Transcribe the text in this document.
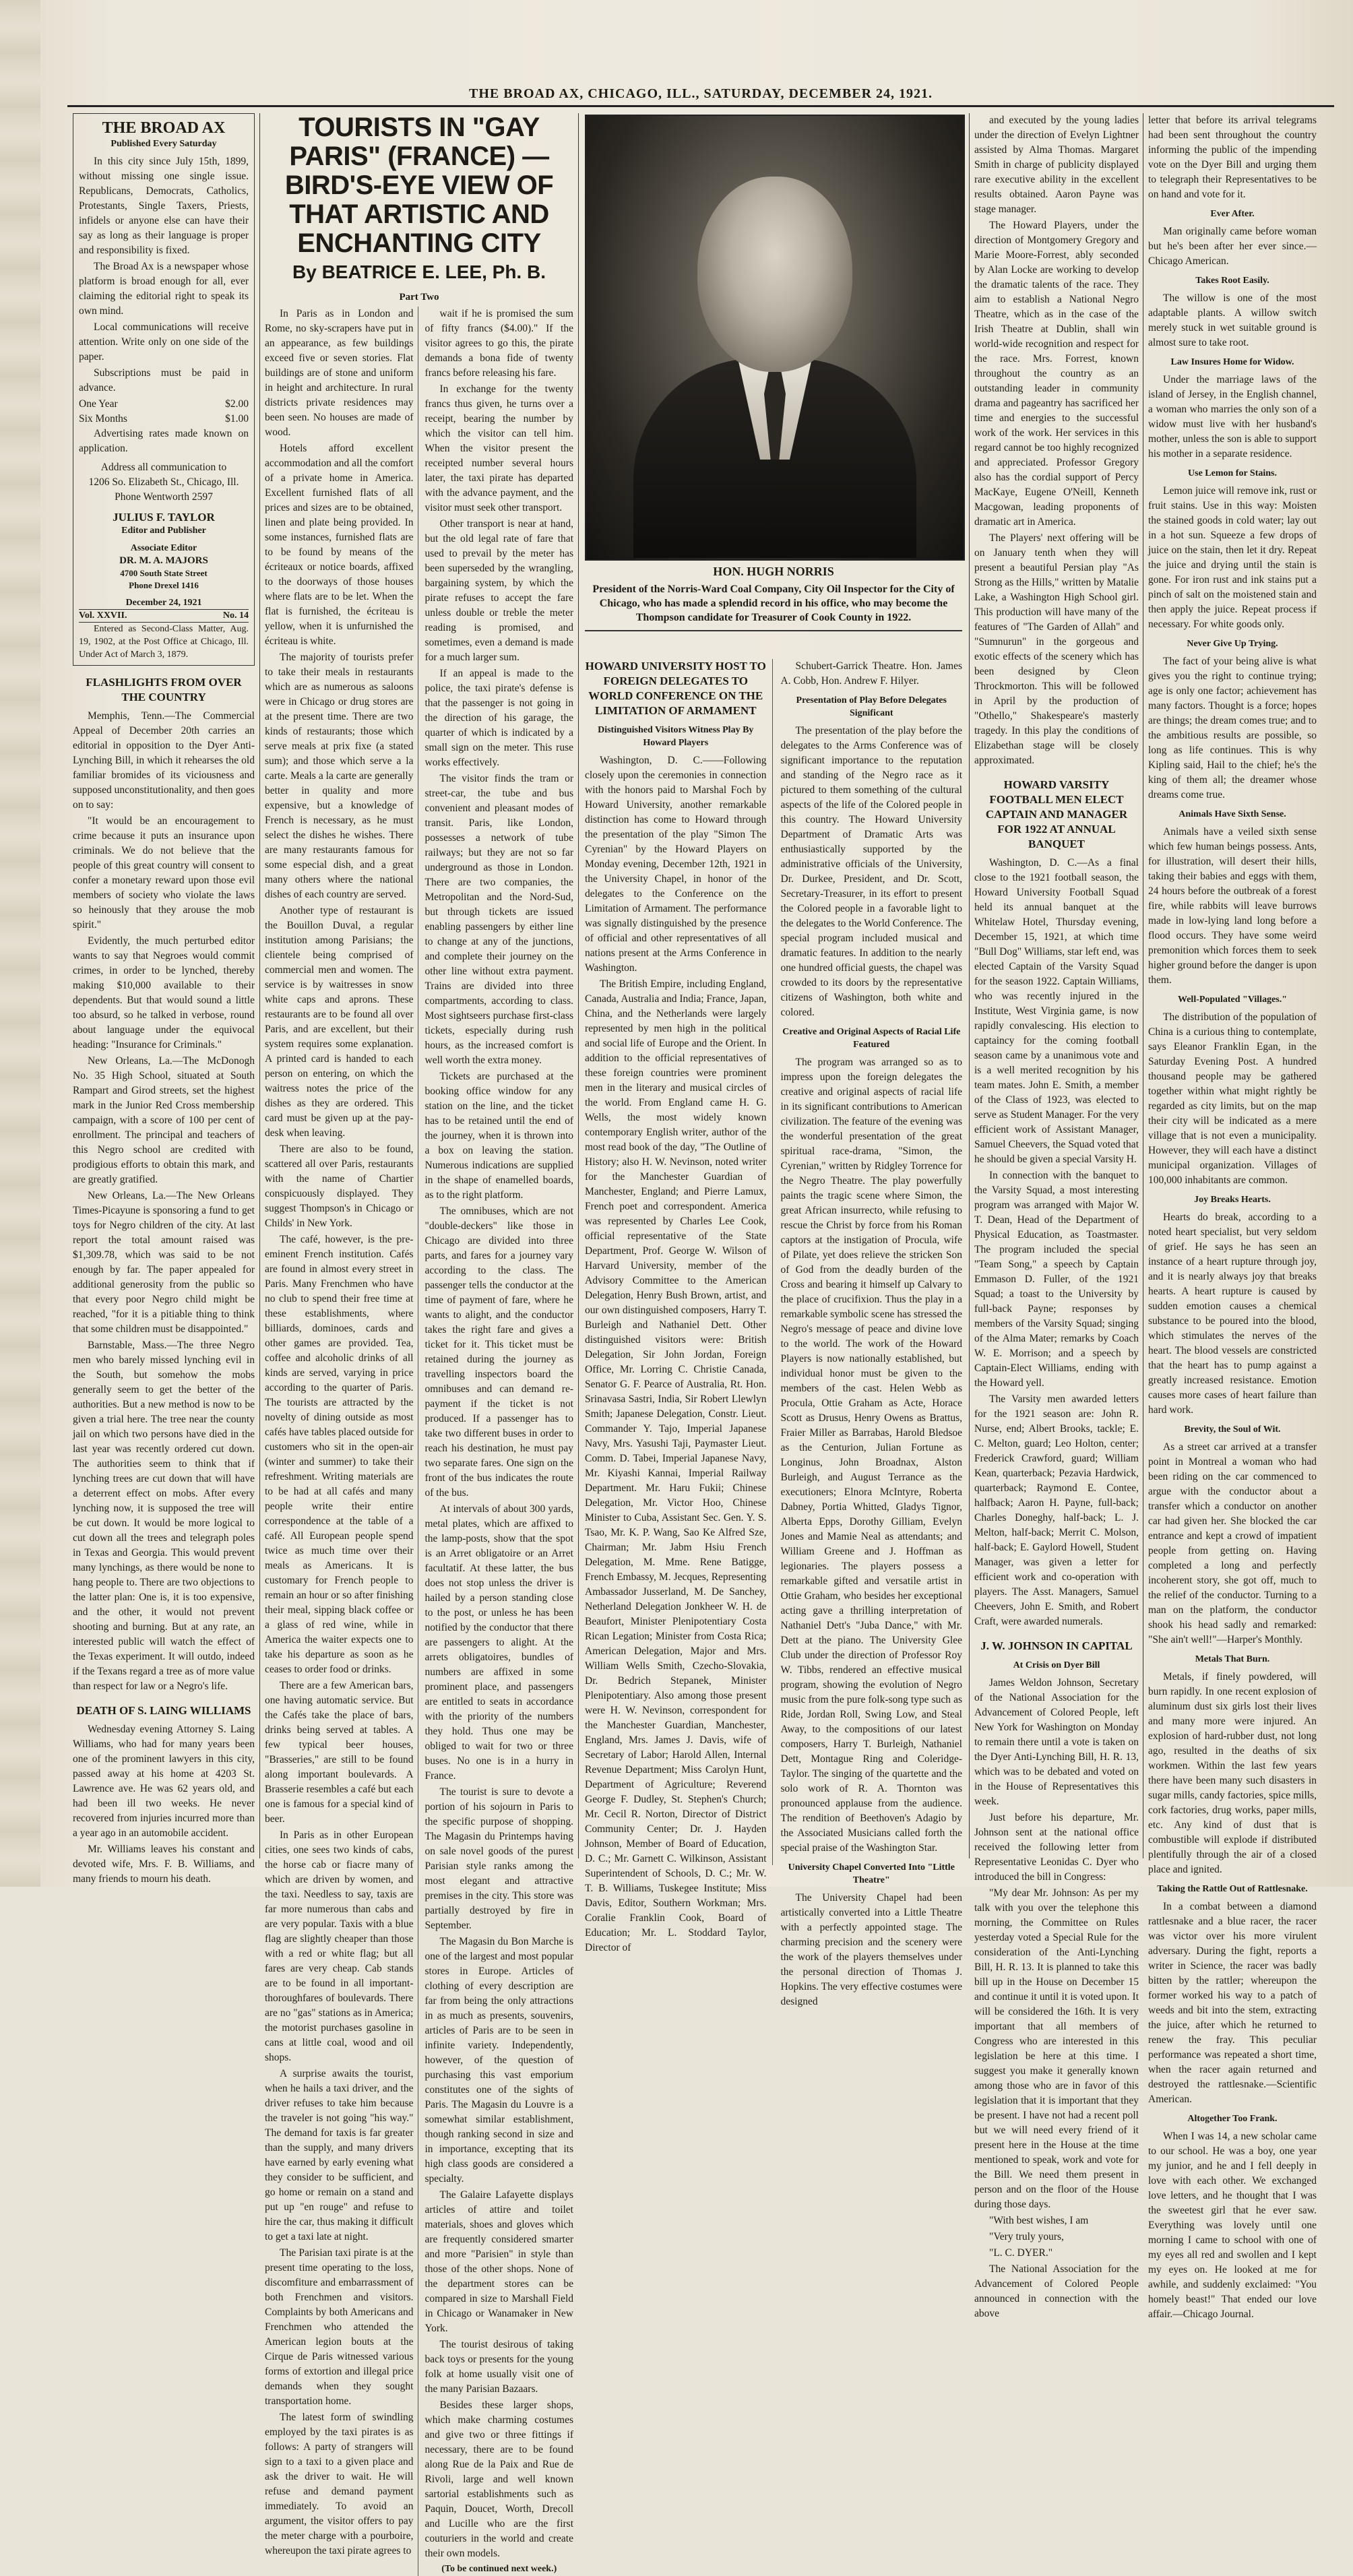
THE BROAD AX, CHICAGO, ILL., SATURDAY, DECEMBER 24, 1921.
THE BROAD AX
Published Every Saturday

In this city since July 15th, 1899, without missing one single issue. Republicans, Democrats, Catholics, Protestants, Single Taxers, Priests, infidels or anyone else can have their say as long as their language is proper and responsibility is fixed.

The Broad Ax is a newspaper whose platform is broad enough for all, ever claiming the editorial right to speak its own mind.

Local communications will receive attention. Write only on one side of the paper.

Subscriptions must be paid in advance.

One Year	$2.00
Six Months	$1.00

Advertising rates made known on application.

Address all communication to
1206 So. Elizabeth St., Chicago, Ill.
Phone Wentworth 2597
JULIUS F. TAYLOR
Editor and Publisher
Associate Editor
DR. M. A. MAJORS
4700 South State Street
Phone Drexel 1416
December 24, 1921
Vol. XXVII.	No. 14

Entered as Second-Class Matter, Aug. 19, 1902, at the Post Office at Chicago, Ill. Under Act of March 3, 1879.

FLASHLIGHTS FROM OVER THE COUNTRY

Memphis, Tenn.—The Commercial Appeal of December 20th carries an editorial in opposition to the Dyer Anti-Lynching Bill, in which it rehearses the old familiar bromides of its viciousness and supposed unconstitutionality, and then goes on to say:

"It would be an encouragement to crime because it puts an insurance upon criminals. We do not believe that the people of this great country will consent to confer a monetary reward upon those evil members of society who violate the laws so heinously that they arouse the mob spirit."

Evidently, the much perturbed editor wants to say that Negroes would commit crimes, in order to be lynched, thereby making $10,000 available to their dependents. But that would sound a little too absurd, so he talked in verbose, round about language under the equivocal heading: "Insurance for Criminals."

New Orleans, La.—The McDonogh No. 35 High School, situated at South Rampart and Girod streets, set the highest mark in the Junior Red Cross membership campaign, with a score of 100 per cent of enrollment. The principal and teachers of this Negro school are credited with prodigious efforts to obtain this mark, and are greatly gratified.

New Orleans, La.—The New Orleans Times-Picayune is sponsoring a fund to get toys for Negro children of the city. At last report the total amount raised was $1,309.78, which was said to be not enough by far. The paper appealed for additional generosity from the public so that every poor Negro child might be reached, "for it is a pitiable thing to think that some children must be disappointed."

Barnstable, Mass.—The three Negro men who barely missed lynching evil in the South, but somehow the mobs generally seem to get the better of the authorities. But a new method is now to be given a trial here. The tree near the county jail on which two persons have died in the last year was recently ordered cut down. The authorities seem to think that if lynching trees are cut down that will have a deterrent effect on mobs. After every lynching now, it is supposed the tree will be cut down. It would be more logical to cut down all the trees and telegraph poles in Texas and Georgia. This would prevent many lynchings, as there would be none to hang people to. There are two objections to the latter plan: One is, it is too expensive, and the other, it would not prevent shooting and burning. But at any rate, an interested public will watch the effect of the Texas experiment. It will outdo, indeed if the Texans regard a tree as of more value than respect for law or a Negro's life.

DEATH OF S. LAING WILLIAMS

Wednesday evening Attorney S. Laing Williams, who had for many years been one of the prominent lawyers in this city, passed away at his home at 4203 St. Lawrence ave. He was 62 years old, and had been ill two weeks. He never recovered from injuries incurred more than a year ago in an automobile accident.

Mr. Williams leaves his constant and devoted wife, Mrs. F. B. Williams, and many friends to mourn his death.

TOURISTS IN "GAY PARIS" (FRANCE) —BIRD'S-EYE VIEW OF THAT ARTISTIC AND ENCHANTING CITY
By BEATRICE E. LEE, Ph. B.
Part Two

In Paris as in London and Rome, no sky-scrapers have put in an appearance, as few buildings exceed five or seven stories. Flat buildings are of stone and uniform in height and architecture. In rural districts private residences may been seen. No houses are made of wood.

Hotels afford excellent accommodation and all the comfort of a private home in America. Excellent furnished flats of all prices and sizes are to be obtained, linen and plate being provided. In some instances, furnished flats are to be found by means of the écriteaux or notice boards, affixed to the doorways of those houses where flats are to be let. When the flat is furnished, the écriteau is yellow, when it is unfurnished the écriteau is white.

The majority of tourists prefer to take their meals in restaurants which are as numerous as saloons were in Chicago or drug stores are at the present time. There are two kinds of restaurants; those which serve meals at prix fixe (a stated sum); and those which serve a la carte. Meals a la carte are generally better in quality and more expensive, but a knowledge of French is necessary, as he must select the dishes he wishes. There are many restaurants famous for some especial dish, and a great many others where the national dishes of each country are served.

Another type of restaurant is the Bouillon Duval, a regular institution among Parisians; the clientele being comprised of commercial men and women. The service is by waitresses in snow white caps and aprons. These restaurants are to be found all over Paris, and are excellent, but their system requires some explanation. A printed card is handed to each person on entering, on which the waitress notes the price of the dishes as they are ordered. This card must be given up at the pay-desk when leaving.

There are also to be found, scattered all over Paris, restaurants with the name of Chartier conspicuously displayed. They suggest Thompson's in Chicago or Childs' in New York.

The café, however, is the pre-eminent French institution. Cafés are found in almost every street in Paris. Many Frenchmen who have no club to spend their free time at these establishments, where billiards, dominoes, cards and other games are provided. Tea, coffee and alcoholic drinks of all kinds are served, varying in price according to the quarter of Paris. The tourists are attracted by the novelty of dining outside as most cafés have tables placed outside for customers who sit in the open-air (winter and summer) to take their refreshment. Writing materials are to be had at all cafés and many people write their entire correspondence at the table of a café. All European people spend twice as much time over their meals as Americans. It is customary for French people to remain an hour or so after finishing their meal, sipping black coffee or a glass of red wine, while in America the waiter expects one to take his departure as soon as he ceases to order food or drinks.

There are a few American bars, one having automatic service. But the Cafés take the place of bars, drinks being served at tables. A few typical beer houses, "Brasseries," are still to be found along important boulevards. A Brasserie resembles a café but each one is famous for a special kind of beer.

In Paris as in other European cities, one sees two kinds of cabs, the horse cab or fiacre many of which are driven by women, and the taxi. Needless to say, taxis are far more numerous than cabs and are very popular. Taxis with a blue flag are slightly cheaper than those with a red or white flag; but all fares are very cheap. Cab stands are to be found in all important-thoroughfares of boulevards. There are no "gas" stations as in America; the motorist purchases gasoline in cans at little coal, wood and oil shops.

A surprise awaits the tourist, when he hails a taxi driver, and the driver refuses to take him because the traveler is not going "his way." The demand for taxis is far greater than the supply, and many drivers have earned by early evening what they consider to be sufficient, and go home or remain on a stand and put up "en rouge" and refuse to hire the car, thus making it difficult to get a taxi late at night.

The Parisian taxi pirate is at the present time operating to the loss, discomfiture and embarrassment of both Frenchmen and visitors. Complaints by both Americans and Frenchmen who attended the American legion bouts at the Cirque de Paris witnessed various forms of extortion and illegal price demands when they sought transportation home.

The latest form of swindling employed by the taxi pirates is as follows: A party of strangers will sign to a taxi to a given place and ask the driver to wait. He will refuse and demand payment immediately. To avoid an argument, the visitor offers to pay the meter charge with a pourboire, whereupon the taxi pirate agrees to

wait if he is promised the sum of fifty francs ($4.00)." If the visitor agrees to go this, the pirate demands a bona fide of twenty francs before releasing his fare.

In exchange for the twenty francs thus given, he turns over a receipt, bearing the number by which the visitor can tell him. When the visitor present the receipted number several hours later, the taxi pirate has departed with the advance payment, and the visitor must seek other transport.

Other transport is near at hand, but the old legal rate of fare that used to prevail by the meter has been superseded by the wrangling, bargaining system, by which the pirate refuses to accept the fare unless double or treble the meter reading is promised, and sometimes, even a demand is made for a much larger sum.

If an appeal is made to the police, the taxi pirate's defense is that the passenger is not going in the direction of his garage, the quarter of which is indicated by a small sign on the meter. This ruse works effectively.

The visitor finds the tram or street-car, the tube and bus convenient and pleasant modes of transit. Paris, like London, possesses a network of tube railways; but they are not so far underground as those in London. There are two companies, the Metropolitan and the Nord-Sud, but through tickets are issued enabling passengers by either line to change at any of the junctions, and complete their journey on the other line without extra payment. Trains are divided into three compartments, according to class. Most sightseers purchase first-class tickets, especially during rush hours, as the increased comfort is well worth the extra money.

Tickets are purchased at the booking office window for any station on the line, and the ticket has to be retained until the end of the journey, when it is thrown into a box on leaving the station. Numerous indications are supplied in the shape of enamelled boards, as to the right platform.

The omnibuses, which are not "double-deckers" like those in Chicago are divided into three parts, and fares for a journey vary according to the class. The passenger tells the conductor at the time of payment of fare, where he wants to alight, and the conductor takes the right fare and gives a ticket for it. This ticket must be retained during the journey as travelling inspectors board the omnibuses and can demand re-payment if the ticket is not produced. If a passenger has to take two different buses in order to reach his destination, he must pay two separate fares. One sign on the front of the bus indicates the route of the bus.

At intervals of about 300 yards, metal plates, which are affixed to the lamp-posts, show that the spot is an Arret obligatoire or an Arret facultatif. At these latter, the bus does not stop unless the driver is hailed by a person standing close to the post, or unless he has been notified by the conductor that there are passengers to alight. At the arrets obligatoires, bundles of numbers are affixed in some prominent place, and passengers are entitled to seats in accordance with the priority of the numbers they hold. Thus one may be obliged to wait for two or three buses. No one is in a hurry in France.

The tourist is sure to devote a portion of his sojourn in Paris to the specific purpose of shopping. The Magasin du Printemps having on sale novel goods of the purest Parisian style ranks among the most elegant and attractive premises in the city. This store was partially destroyed by fire in September.

The Magasin du Bon Marche is one of the largest and most popular stores in Europe. Articles of clothing of every description are far from being the only attractions in as much as presents, souvenirs, articles of Paris are to be seen in infinite variety. Independently, however, of the question of purchasing this vast emporium constitutes one of the sights of Paris. The Magasin du Louvre is a somewhat similar establishment, though ranking second in size and in importance, excepting that its high class goods are considered a specialty.

The Galaire Lafayette displays articles of attire and toilet materials, shoes and gloves which are frequently considered smarter and more "Parisien" in style than those of the other shops. None of the department stores can be compared in size to Marshall Field in Chicago or Wanamaker in New York.

The tourist desirous of taking back toys or presents for the young folk at home usually visit one of the many Parisian Bazaars.

Besides these larger shops, which make charming costumes and give two or three fittings if necessary, there are to be found along Rue de la Paix and Rue de Rivoli, large and well known sartorial establishments such as Paquin, Doucet, Worth, Drecoll and Lucille who are the first couturiers in the world and create their own models.

(To be continued next week.)
HON. HUGH NORRIS
President of the Norris-Ward Coal Company, City Oil Inspector for the City of Chicago, who has made a splendid record in his office, who may become the Thompson candidate for Treasurer of Cook County in 1922.
HOWARD UNIVERSITY HOST TO FOREIGN DELEGATES TO WORLD CONFERENCE ON THE LIMITATION OF ARMAMENT
Distinguished Visitors Witness Play By Howard Players

Washington, D. C.——Following closely upon the ceremonies in connection with the honors paid to Marshal Foch by Howard University, another remarkable distinction has come to Howard through the presentation of the play "Simon The Cyrenian" by the Howard Players on Monday evening, December 12th, 1921 in the University Chapel, in honor of the delegates to the Conference on the Limitation of Armament. The performance was signally distinguished by the presence of official and other representatives of all nations present at the Arms Conference in Washington.

The British Empire, including England, Canada, Australia and India; France, Japan, China, and the Netherlands were largely represented by men high in the political and social life of Europe and the Orient. In addition to the official representatives of these foreign countries were prominent men in the literary and musical circles of the world. From England came H. G. Wells, the most widely known contemporary English writer, author of the most read book of the day, "The Outline of History; also H. W. Nevinson, noted writer for the Manchester Guardian of Manchester, England; and Pierre Lamux, French poet and correspondent. America was represented by Charles Lee Cook, official representative of the State Department, Prof. George W. Wilson of Harvard University, member of the Advisory Committee to the American Delegation, Henry Bush Brown, artist, and our own distinguished composers, Harry T. Burleigh and Nathaniel Dett. Other distinguished visitors were: British Delegation, Sir John Jordan, Foreign Office, Mr. Lorring C. Christie Canada, Senator G. F. Pearce of Australia, Rt. Hon. Srinavasa Sastri, India, Sir Robert Llewlyn Smith; Japanese Delegation, Constr. Lieut. Commander Y. Tajo, Imperial Japanese Navy, Mrs. Yasushi Taji, Paymaster Lieut. Comm. D. Tabei, Imperial Japanese Navy, Mr. Kiyashi Kannai, Imperial Railway Department. Mr. Haru Fukii; Chinese Delegation, Mr. Victor Hoo, Chinese Minister to Cuba, Assistant Sec. Gen. Y. S. Tsao, Mr. K. P. Wang, Sao Ke Alfred Sze, Chairman; Mr. Jabm Hsiu French Delegation, M. Mme. Rene Batigge, French Embassy, M. Jecques, Representing Ambassador Jusserland, M. De Sanchey, Netherland Delegation Jonkheer W. H. de Beaufort, Minister Plenipotentiary Costa Rican Legation; Minister from Costa Rica; American Delegation, Major and Mrs. William Wells Smith, Czecho-Slovakia, Dr. Bedrich Stepanek, Minister Plenipotentiary. Also among those present were H. W. Nevinson, correspondent for the Manchester Guardian, Manchester, England, Mrs. James J. Davis, wife of Secretary of Labor; Harold Allen, Internal Revenue Department; Miss Carolyn Hunt, Department of Agriculture; Reverend George F. Dudley, St. Stephen's Church; Mr. Cecil R. Norton, Director of District Community Center; Dr. J. Hayden Johnson, Member of Board of Education, D. C.; Mr. Garnett C. Wilkinson, Assistant Superintendent of Schools, D. C.; Mr. W. T. B. Williams, Tuskegee Institute; Miss Davis, Editor, Southern Workman; Mrs. Coralie Franklin Cook, Board of Education; Mr. L. Stoddard Taylor, Director of

Schubert-Garrick Theatre. Hon. James A. Cobb, Hon. Andrew F. Hilyer.

Presentation of Play Before Delegates Significant

The presentation of the play before the delegates to the Arms Conference was of significant importance to the reputation and standing of the Negro race as it pictured to them something of the cultural aspects of the life of the Colored people in this country. The Howard University Department of Dramatic Arts was enthusiastically supported by the administrative officials of the University, Dr. Durkee, President, and Dr. Scott, Secretary-Treasurer, in its effort to present the Colored people in a favorable light to the delegates to the World Conference. The special program included musical and dramatic features. In addition to the nearly one hundred official guests, the chapel was crowded to its doors by the representative citizens of Washington, both white and colored.

Creative and Original Aspects of Racial Life Featured

The program was arranged so as to impress upon the foreign delegates the creative and original aspects of racial life in its significant contributions to American civilization. The feature of the evening was the wonderful presentation of the great spiritual race-drama, "Simon, the Cyrenian," written by Ridgley Torrence for the Negro Theatre. The play powerfully paints the tragic scene where Simon, the great African insurrecto, while refusing to rescue the Christ by force from his Roman captors at the instigation of Procula, wife of Pilate, yet does relieve the stricken Son of God from the deadly burden of the Cross and bearing it himself up Calvary to the place of crucifixion. Thus the play in a remarkable symbolic scene has stressed the Negro's message of peace and divine love to the world. The work of the Howard Players is now nationally established, but individual honor must be given to the members of the cast. Helen Webb as Procula, Ottie Graham as Acte, Horace Scott as Drusus, Henry Owens as Brattus, Fraier Miller as Barrabas, Harold Bledsoe as the Centurion, Julian Fortune as Longinus, John Broadnax, Alston Burleigh, and August Terrance as the executioners; Elnora McIntyre, Roberta Dabney, Portia Whitted, Gladys Tignor, Alberta Epps, Dorothy Gilliam, Evelyn Jones and Mamie Neal as attendants; and William Greene and J. Hoffman as legionaries. The players possess a remarkable gifted and versatile artist in Ottie Graham, who besides her exceptional acting gave a thrilling interpretation of Nathaniel Dett's "Juba Dance," with Mr. Dett at the piano. The University Glee Club under the direction of Professor Roy W. Tibbs, rendered an effective musical program, showing the evolution of Negro music from the pure folk-song type such as Ride, Jordan Roll, Swing Low, and Steal Away, to the compositions of our latest composers, Harry T. Burleigh, Nathaniel Dett, Montague Ring and Coleridge-Taylor. The singing of the quartette and the solo work of R. A. Thornton was pronounced applause from the audience. The rendition of Beethoven's Adagio by the Associated Musicians called forth the special praise of the Washington Star.

University Chapel Converted Into "Little Theatre"

The University Chapel had been artistically converted into a Little Theatre with a perfectly appointed stage. The charming precision and the scenery were the work of the players themselves under the personal direction of Thomas J. Hopkins. The very effective costumes were designed

and executed by the young ladies under the direction of Evelyn Lightner assisted by Alma Thomas. Margaret Smith in charge of publicity displayed rare executive ability in the excellent results obtained. Aaron Payne was stage manager.

The Howard Players, under the direction of Montgomery Gregory and Marie Moore-Forrest, ably seconded by Alan Locke are working to develop the dramatic talents of the race. They aim to establish a National Negro Theatre, which as in the case of the Irish Theatre at Dublin, shall win world-wide recognition and respect for the race. Mrs. Forrest, known throughout the country as an outstanding leader in community drama and pageantry has sacrificed her time and energies to the successful work of the work. Her services in this regard cannot be too highly recognized and appreciated. Professor Gregory also has the cordial support of Percy MacKaye, Eugene O'Neill, Kenneth Macgowan, leading proponents of dramatic art in America.

The Players' next offering will be on January tenth when they will present a beautiful Persian play "As Strong as the Hills," written by Matalie Lake, a Washington High School girl. This production will have many of the features of "The Garden of Allah" and "Sumnurun" in the gorgeous and exotic effects of the scenery which has been designed by Cleon Throckmorton. This will be followed in April by the production of "Othello," Shakespeare's masterly tragedy. In this play the conditions of Elizabethan stage will be closely approximated.

HOWARD VARSITY FOOTBALL MEN ELECT CAPTAIN AND MANAGER FOR 1922 AT ANNUAL BANQUET

Washington, D. C.—As a final close to the 1921 football season, the Howard University Football Squad held its annual banquet at the Whitelaw Hotel, Thursday evening, December 15, 1921, at which time "Bull Dog" Williams, star left end, was elected Captain of the Varsity Squad for the season 1922. Captain Williams, who was recently injured in the Institute, West Virginia game, is now rapidly convalescing. His election to captaincy for the coming football season came by a unanimous vote and is a well merited recognition by his team mates. John E. Smith, a member of the Class of 1923, was elected to serve as Student Manager. For the very efficient work of Assistant Manager, Samuel Cheevers, the Squad voted that he should be given a special Varsity H.

In connection with the banquet to the Varsity Squad, a most interesting program was arranged with Major W. T. Dean, Head of the Department of Physical Education, as Toastmaster. The program included the special "Team Song," a speech by Captain Emmason D. Fuller, of the 1921 Squad; a toast to the University by full-back Payne; responses by members of the Varsity Squad; singing of the Alma Mater; remarks by Coach W. E. Morrison; and a speech by Captain-Elect Williams, ending with the Howard yell.

The Varsity men awarded letters for the 1921 season are: John R. Nurse, end; Albert Brooks, tackle; E. C. Melton, guard; Leo Holton, center; Frederick Crawford, guard; William Kean, quarterback; Pezavia Hardwick, quarterback; Raymond E. Contee, halfback; Aaron H. Payne, full-back; Charles Doneghy, half-back; L. J. Melton, half-back; Merrit C. Molson, half-back; E. Gaylord Howell, Student Manager, was given a letter for efficient work and co-operation with players. The Asst. Managers, Samuel Cheevers, John E. Smith, and Robert Craft, were awarded numerals.

J. W. JOHNSON IN CAPITAL
At Crisis on Dyer Bill

James Weldon Johnson, Secretary of the National Association for the Advancement of Colored People, left New York for Washington on Monday to remain there until a vote is taken on the Dyer Anti-Lynching Bill, H. R. 13, which was to be debated and voted on in the House of Representatives this week.

Just before his departure, Mr. Johnson sent at the national office received the following letter from Representative Leonidas C. Dyer who introduced the bill in Congress:

"My dear Mr. Johnson: As per my talk with you over the telephone this morning, the Committee on Rules yesterday voted a Special Rule for the consideration of the Anti-Lynching Bill, H. R. 13. It is planned to take this bill up in the House on December 15 and continue it until it is voted upon. It will be considered the 16th. It is very important that all members of Congress who are interested in this legislation be here at this time. I suggest you make it generally known among those who are in favor of this legislation that it is important that they be present. I have not had a recent poll but we will need every friend of it present here in the House at the time mentioned to speak, work and vote for the Bill. We need them present in person and on the floor of the House during those days.

"With best wishes, I am

"Very truly yours,

"L. C. DYER."

The National Association for the Advancement of Colored People announced in connection with the above

letter that before its arrival telegrams had been sent throughout the country informing the public of the impending vote on the Dyer Bill and urging them to telegraph their Representatives to be on hand and vote for it.

Ever After.

Man originally came before woman but he's been after her ever since.—Chicago American.

Takes Root Easily.

The willow is one of the most adaptable plants. A willow switch merely stuck in wet suitable ground is almost sure to take root.

Law Insures Home for Widow.

Under the marriage laws of the island of Jersey, in the English channel, a woman who marries the only son of a widow must live with her husband's mother, unless the son is able to support his mother in a separate residence.

Use Lemon for Stains.

Lemon juice will remove ink, rust or fruit stains. Use in this way: Moisten the stained goods in cold water; lay out in a hot sun. Squeeze a few drops of juice on the stain, then let it dry. Repeat the juice and drying until the stain is gone. For iron rust and ink stains put a pinch of salt on the moistened stain and then apply the juice. Repeat process if necessary. For white goods only.

Never Give Up Trying.

The fact of your being alive is what gives you the right to continue trying; age is only one factor; achievement has many factors. Thought is a force; hopes are things; the dream comes true; and to the ambitious results are possible, so long as life continues. This is why Kipling said, Hail to the chief; he's the king of them all; the dreamer whose dreams come true.

Animals Have Sixth Sense.

Animals have a veiled sixth sense which few human beings possess. Ants, for illustration, will desert their hills, taking their babies and eggs with them, 24 hours before the outbreak of a forest fire, while rabbits will leave burrows made in low-lying land long before a flood occurs. They have some weird premonition which forces them to seek higher ground before the danger is upon them.

Well-Populated "Villages."

The distribution of the population of China is a curious thing to contemplate, says Eleanor Franklin Egan, in the Saturday Evening Post. A hundred thousand people may be gathered together within what might rightly be regarded as city limits, but on the map their city will be indicated as a mere village that is not even a municipality. However, they will each have a distinct municipal organization. Villages of 100,000 inhabitants are common.

Joy Breaks Hearts.

Hearts do break, according to a noted heart specialist, but very seldom of grief. He says he has seen an instance of a heart rupture through joy, and it is nearly always joy that breaks hearts. A heart rupture is caused by sudden emotion causes a chemical substance to be poured into the blood, which stimulates the nerves of the heart. The blood vessels are constricted that the heart has to pump against a greatly increased resistance. Emotion causes more cases of heart failure than hard work.

Brevity, the Soul of Wit.

As a street car arrived at a transfer point in Montreal a woman who had been riding on the car commenced to argue with the conductor about a transfer which a conductor on another car had given her. She blocked the car entrance and kept a crowd of impatient people from getting on. Having completed a long and perfectly incoherent story, she got off, much to the relief of the conductor. Turning to a man on the platform, the conductor shook his head sadly and remarked: "She ain't well!"—Harper's Monthly.

Metals That Burn.

Metals, if finely powdered, will burn rapidly. In one recent explosion of aluminum dust six girls lost their lives and many more were injured. An explosion of hard-rubber dust, not long ago, resulted in the deaths of six workmen. Within the last few years there have been many such disasters in sugar mills, candy factories, spice mills, cork factories, drug works, paper mills, etc. Any kind of dust that is combustible will explode if distributed plentifully through the air of a closed place and ignited.

Taking the Rattle Out of Rattlesnake.

In a combat between a diamond rattlesnake and a blue racer, the racer was victor over his more virulent adversary. During the fight, reports a writer in Science, the racer was badly bitten by the rattler; whereupon the former worked his way to a patch of weeds and bit into the stem, extracting the juice, after which he returned to renew the fray. This peculiar performance was repeated a short time, when the racer again returned and destroyed the rattlesnake.—Scientific American.

Altogether Too Frank.

When I was 14, a new scholar came to our school. He was a boy, one year my junior, and he and I fell deeply in love with each other. We exchanged love letters, and he thought that I was the sweetest girl that he ever saw. Everything was lovely until one morning I came to school with one of my eyes all red and swollen and I kept my eyes on. He looked at me for awhile, and suddenly exclaimed: "You homely beast!" That ended our love affair.—Chicago Journal.
